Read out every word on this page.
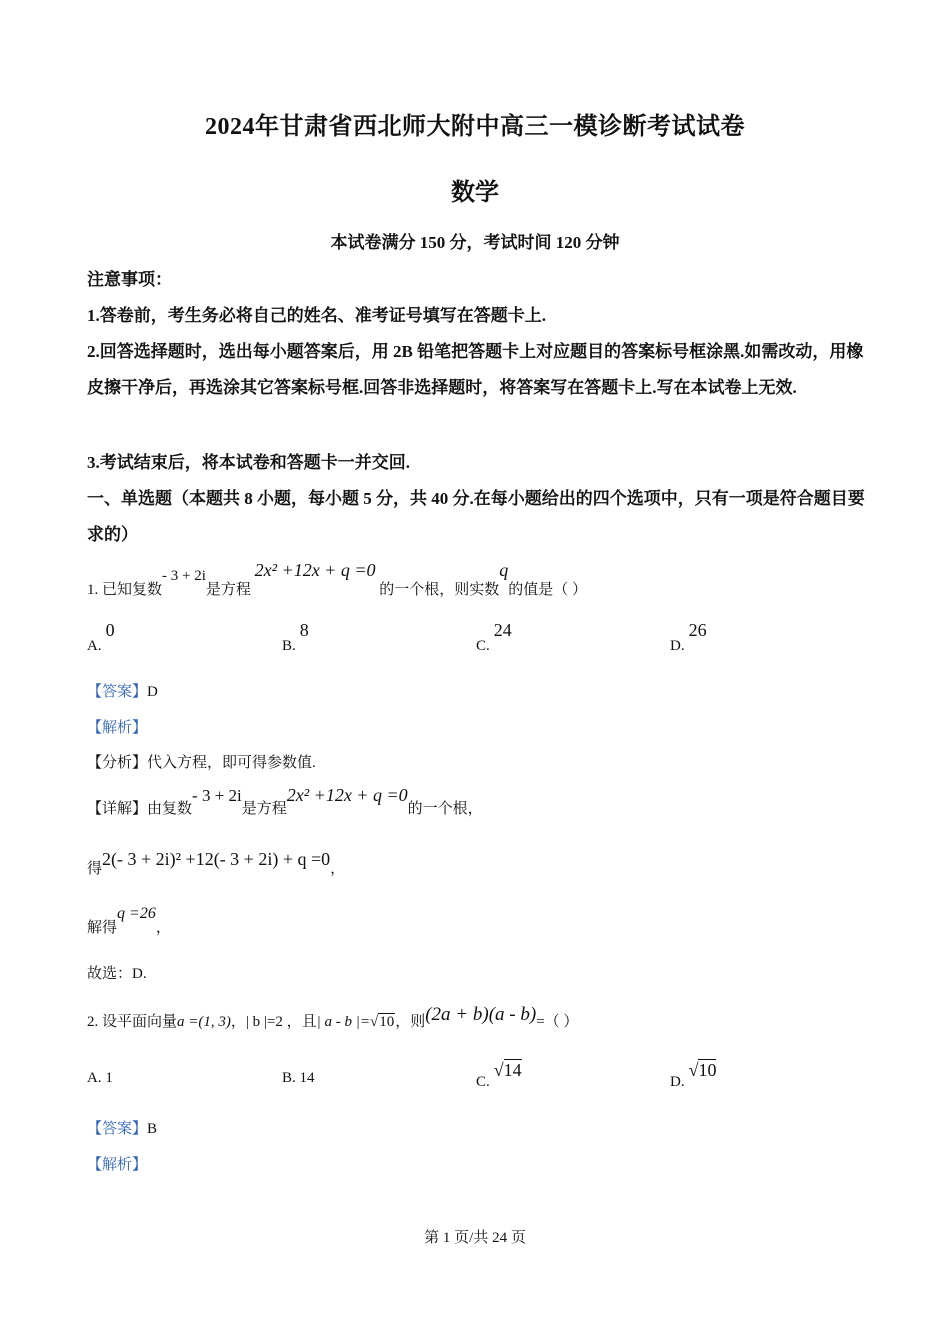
2024年甘肃省西北师大附中高三一模诊断考试试卷
数学
本试卷满分 150 分，考试时间 120 分钟
注意事项：
1.答卷前，考生务必将自己的姓名、准考证号填写在答题卡上.
2.回答选择题时，选出每小题答案后，用 2B 铅笔把答题卡上对应题目的答案标号框涂黑.如需改动，用橡皮擦干净后，再选涂其它答案标号框.回答非选择题时，将答案写在答题卡上.写在本试卷上无效.
3.考试结束后，将本试卷和答题卡一并交回.
一、单选题（本题共 8 小题，每小题 5 分，共 40 分.在每小题给出的四个选项中，只有一项是符合题目要求的）
1. 已知复数- 3 + 2i是方程 2x² +12x + q =0 的一个根，则实数q的值是（ ）
A.0
B.8
C.24
D.26
【答案】D
【解析】
【分析】代入方程，即可得参数值.
【详解】由复数- 3 + 2i是方程2x² +12x + q =0的一个根，
得2(- 3 + 2i)² +12(- 3 + 2i) + q =0，
解得q =26，
故选：D.
2. 设平面向量a =(1, 3)，| b |=2 ，且| a - b |=√10，则(2a + b)(a - b)=（ ）
A. 1	B. 14	C.√14
D.√10
【答案】B
【解析】
第 1 页/共 24 页
